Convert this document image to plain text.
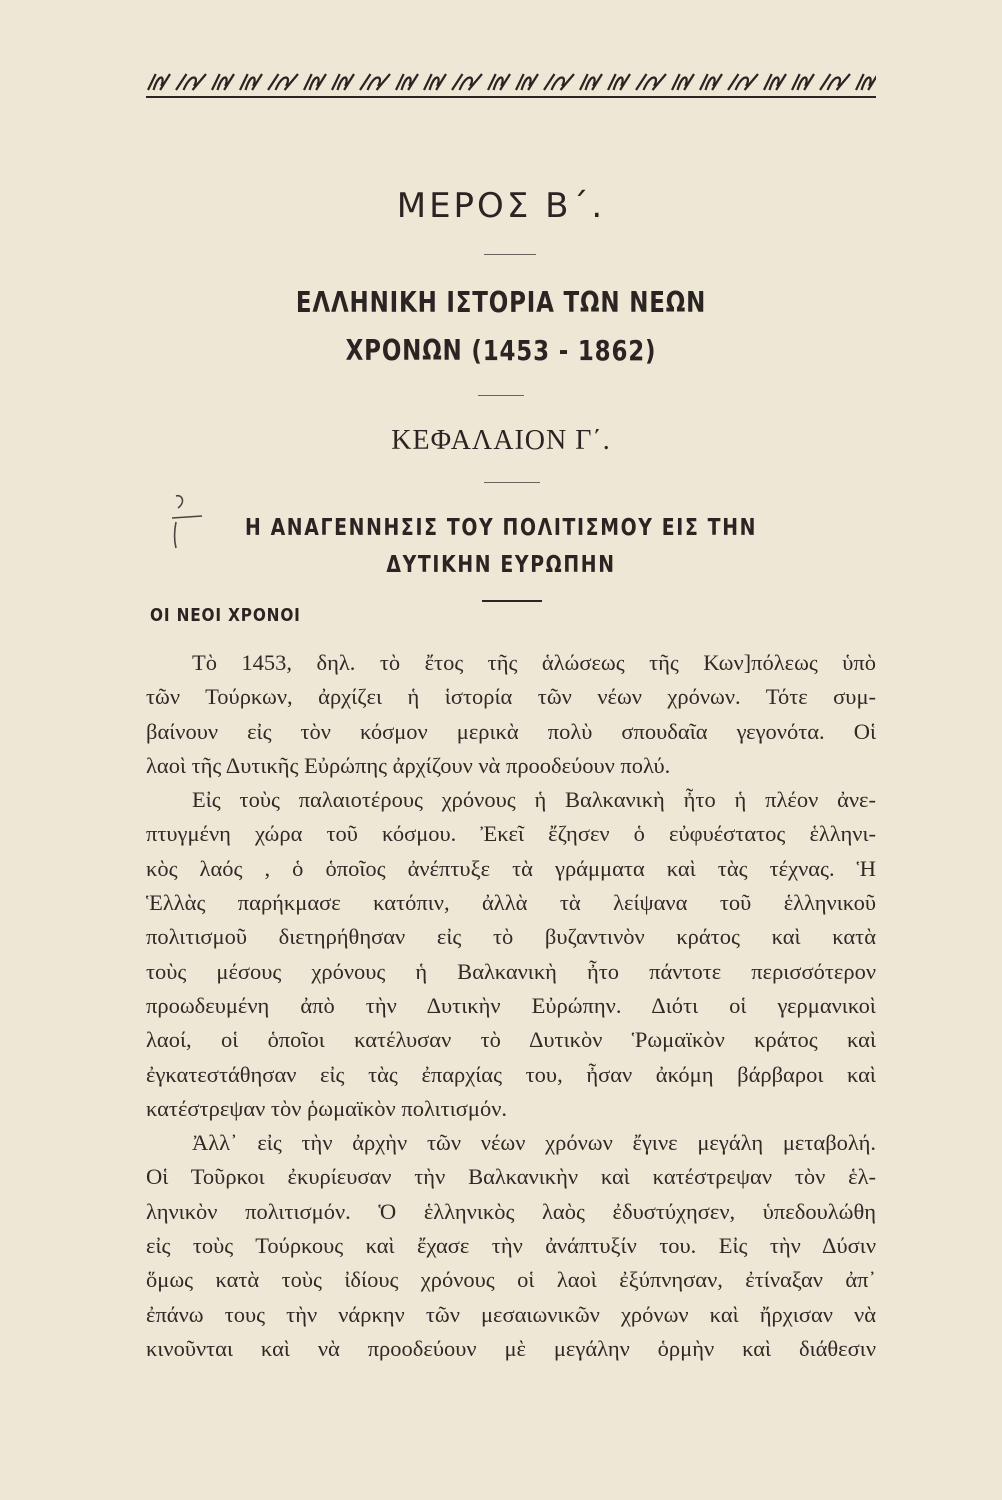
ΜΕΡΟΣ Β΄.
ΕΛΛΗΝΙΚΗ ΙΣΤΟΡΙΑ ΤΩΝ ΝΕΩΝ
ΧΡΟΝΩΝ (1453 - 1862)
ΚΕΦΑΛΑΙΟΝ Γ΄.
Η ΑΝΑΓΕΝΝΗΣΙΣ ΤΟΥ ΠΟΛΙΤΙΣΜΟΥ ΕΙΣ ΤΗΝ
ΔΥΤΙΚΗΝ ΕΥΡΩΠΗΝ
ΟΙ ΝΕΟΙ ΧΡΟΝΟΙ
Τὸ 1453, δηλ. τὸ ἔτος τῆς ἁλώσεως τῆς Κων]πόλεως ὑπὸ
τῶν Τούρκων, ἀρχίζει ἡ ἱστορία τῶν νέων χρόνων. Τότε συμ-
βαίνουν εἰς τὸν κόσμον μερικὰ πολὺ σπουδαῖα γεγονότα. Οἱ
λαοὶ τῆς Δυτικῆς Εὐρώπης ἀρχίζουν νὰ προοδεύουν πολύ.
Εἰς τοὺς παλαιοτέρους χρόνους ἡ Βαλκανικὴ ἦτο ἡ πλέον ἀνε-
πτυγμένη χώρα τοῦ κόσμου. Ἐκεῖ ἔζησεν ὁ εὐφυέστατος ἑλληνι-
κὸς λαός , ὁ ὁποῖος ἀνέπτυξε τὰ γράμματα καὶ τὰς τέχνας. Ἡ
Ἑλλὰς παρήκμασε κατόπιν, ἀλλὰ τὰ λείψανα τοῦ ἑλληνικοῦ
πολιτισμοῦ διετηρήθησαν εἰς τὸ βυζαντινὸν κράτος καὶ κατὰ
τοὺς μέσους χρόνους ἡ Βαλκανικὴ ἦτο πάντοτε περισσότερον
προωδευμένη ἀπὸ τὴν Δυτικὴν Εὐρώπην. Διότι οἱ γερμανικοὶ
λαοί, οἱ ὁποῖοι κατέλυσαν τὸ Δυτικὸν Ῥωμαϊκὸν κράτος καὶ
ἐγκατεστάθησαν εἰς τὰς ἐπαρχίας του, ἦσαν ἀκόμη βάρβαροι καὶ
κατέστρεψαν τὸν ῥωμαϊκὸν πολιτισμόν.
Ἀλλ᾿ εἰς τὴν ἀρχὴν τῶν νέων χρόνων ἔγινε μεγάλη μεταβολή.
Οἱ Τοῦρκοι ἐκυρίευσαν τὴν Βαλκανικὴν καὶ κατέστρεψαν τὸν ἑλ-
ληνικὸν πολιτισμόν. Ὁ ἑλληνικὸς λαὸς ἐδυστύχησεν, ὑπεδουλώθη
εἰς τοὺς Τούρκους καὶ ἔχασε τὴν ἀνάπτυξίν του. Εἰς τὴν Δύσιν
ὅμως κατὰ τοὺς ἰδίους χρόνους οἱ λαοὶ ἐξύπνησαν, ἐτίναξαν ἀπ᾿
ἐπάνω τους τὴν νάρκην τῶν μεσαιωνικῶν χρόνων καὶ ἤρχισαν νὰ
κινοῦνται καὶ νὰ προοδεύουν μὲ μεγάλην ὁρμὴν καὶ διάθεσιν
